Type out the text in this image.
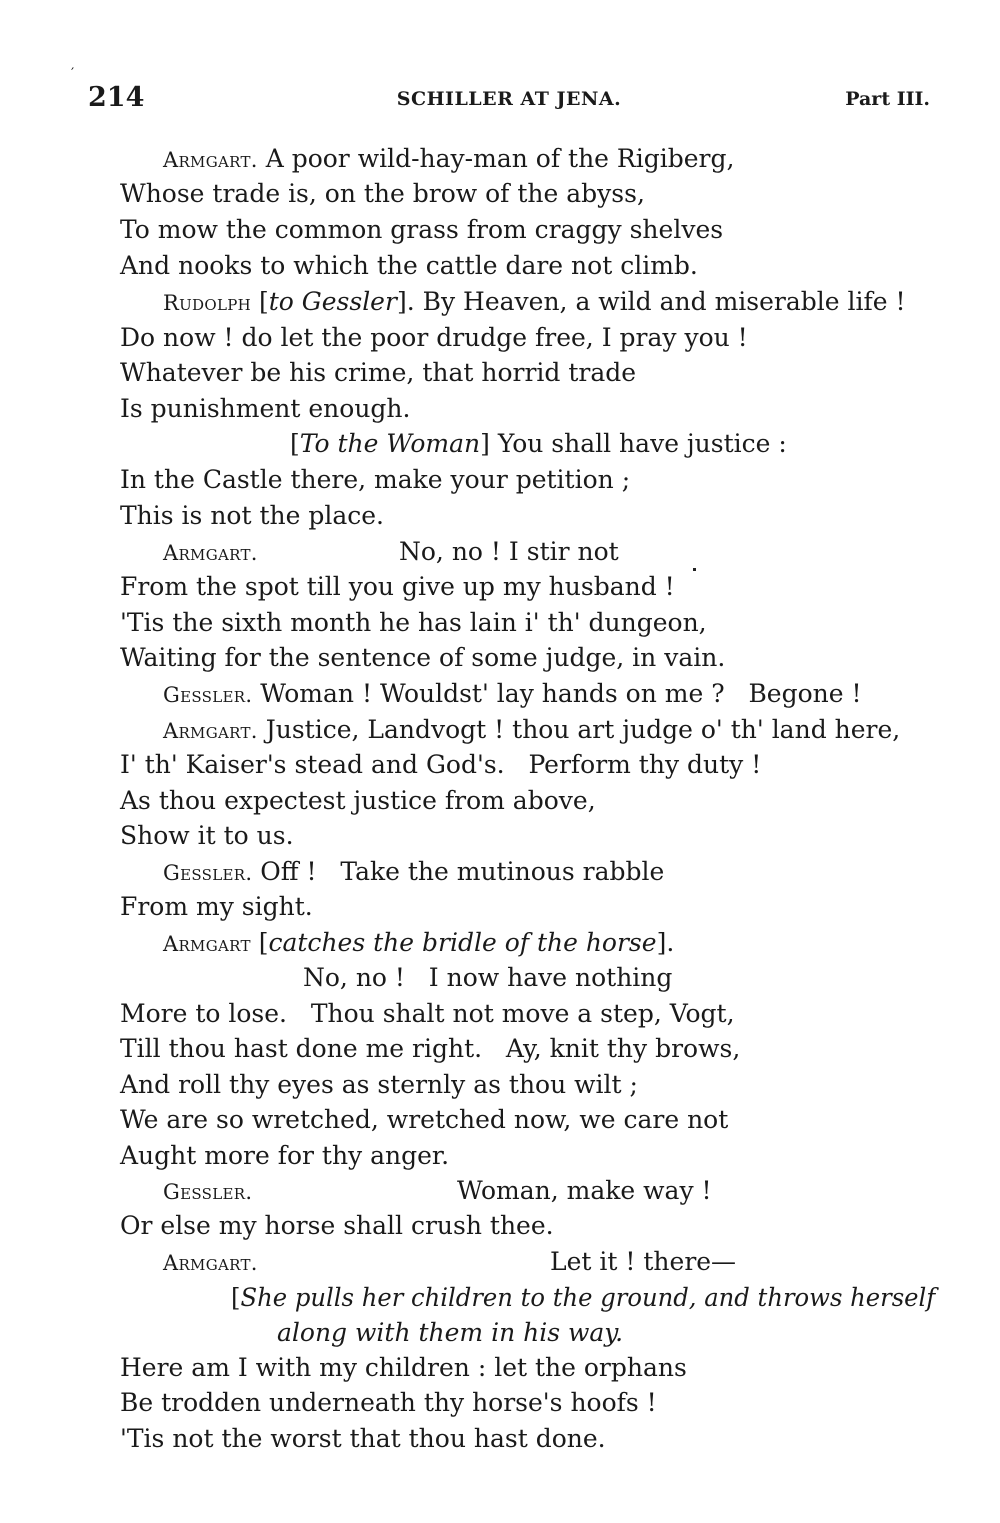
′
214	SCHILLER AT JENA.	Part III.
Armgart. A poor wild-hay-man of the Rigiberg,
Whose trade is, on the brow of the abyss,
To mow the common grass from craggy shelves
And nooks to which the cattle dare not climb.
Rudolph [to Gessler]. By Heaven, a wild and miserable life !
Do now ! do let the poor drudge free, I pray you !
Whatever be his crime, that horrid trade
Is punishment enough.
[To the Woman] You shall have justice :
In the Castle there, make your petition ;
This is not the place.
Armgart.	No, no ! I stir not
From the spot till you give up my husband !
'Tis the sixth month he has lain i' th' dungeon,
Waiting for the sentence of some judge, in vain.
Gessler. Woman ! Wouldst' lay hands on me ?   Begone !
Armgart. Justice, Landvogt ! thou art judge o' th' land here,
I' th' Kaiser's stead and God's.   Perform thy duty !
As thou expectest justice from above,
Show it to us.
Gessler. Off !   Take the mutinous rabble
From my sight.
Armgart [catches the bridle of the horse].
No, no !   I now have nothing
More to lose.   Thou shalt not move a step, Vogt,
Till thou hast done me right.   Ay, knit thy brows,
And roll thy eyes as sternly as thou wilt ;
We are so wretched, wretched now, we care not
Aught more for thy anger.
Gessler.	Woman, make way !
Or else my horse shall crush thee.
Armgart.	Let it ! there—
[She pulls her children to the ground, and throws herself
along with them in his way.
Here am I with my children : let the orphans
Be trodden underneath thy horse's hoofs !
'Tis not the worst that thou hast done.
